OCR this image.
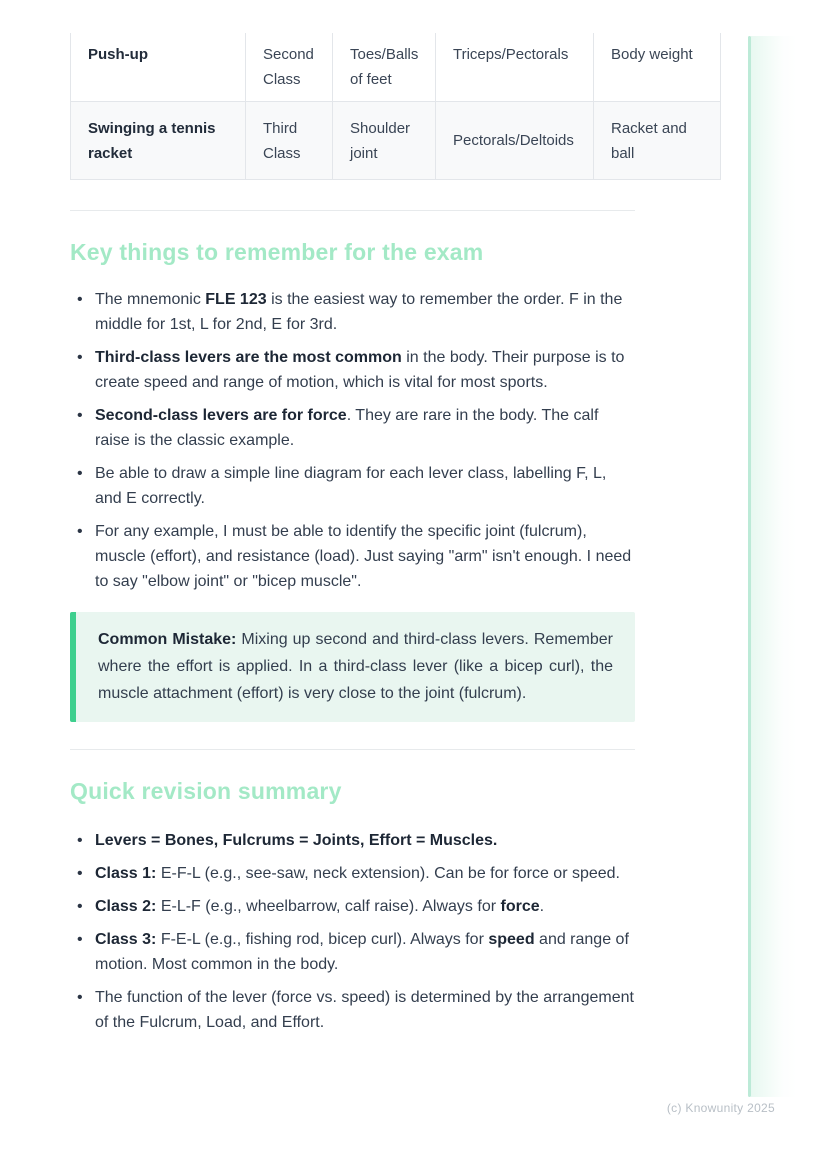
Push-up	Second Class	Toes/Balls of feet	Triceps/Pectorals	Body weight
Swinging a tennis racket	Third Class	Shoulder joint	Pectorals/Deltoids	Racket and ball
Key things to remember for the exam
• The mnemonic FLE 123 is the easiest way to remember the order. F in the middle for 1st, L for 2nd, E for 3rd.
• Third-class levers are the most common in the body. Their purpose is to create speed and range of motion, which is vital for most sports.
• Second-class levers are for force. They are rare in the body. The calf raise is the classic example.
• Be able to draw a simple line diagram for each lever class, labelling F, L, and E correctly.
• For any example, I must be able to identify the specific joint (fulcrum), muscle (effort), and resistance (load). Just saying "arm" isn't enough. I need to say "elbow joint" or "bicep muscle".
Common Mistake: Mixing up second and third-class levers. Remember where the effort is applied. In a third-class lever (like a bicep curl), the muscle attachment (effort) is very close to the joint (fulcrum).
Quick revision summary
• Levers = Bones, Fulcrums = Joints, Effort = Muscles.
• Class 1: E-F-L (e.g., see-saw, neck extension). Can be for force or speed.
• Class 2: E-L-F (e.g., wheelbarrow, calf raise). Always for force.
• Class 3: F-E-L (e.g., fishing rod, bicep curl). Always for speed and range of motion. Most common in the body.
• The function of the lever (force vs. speed) is determined by the arrangement of the Fulcrum, Load, and Effort.
(c) Knowunity 2025
